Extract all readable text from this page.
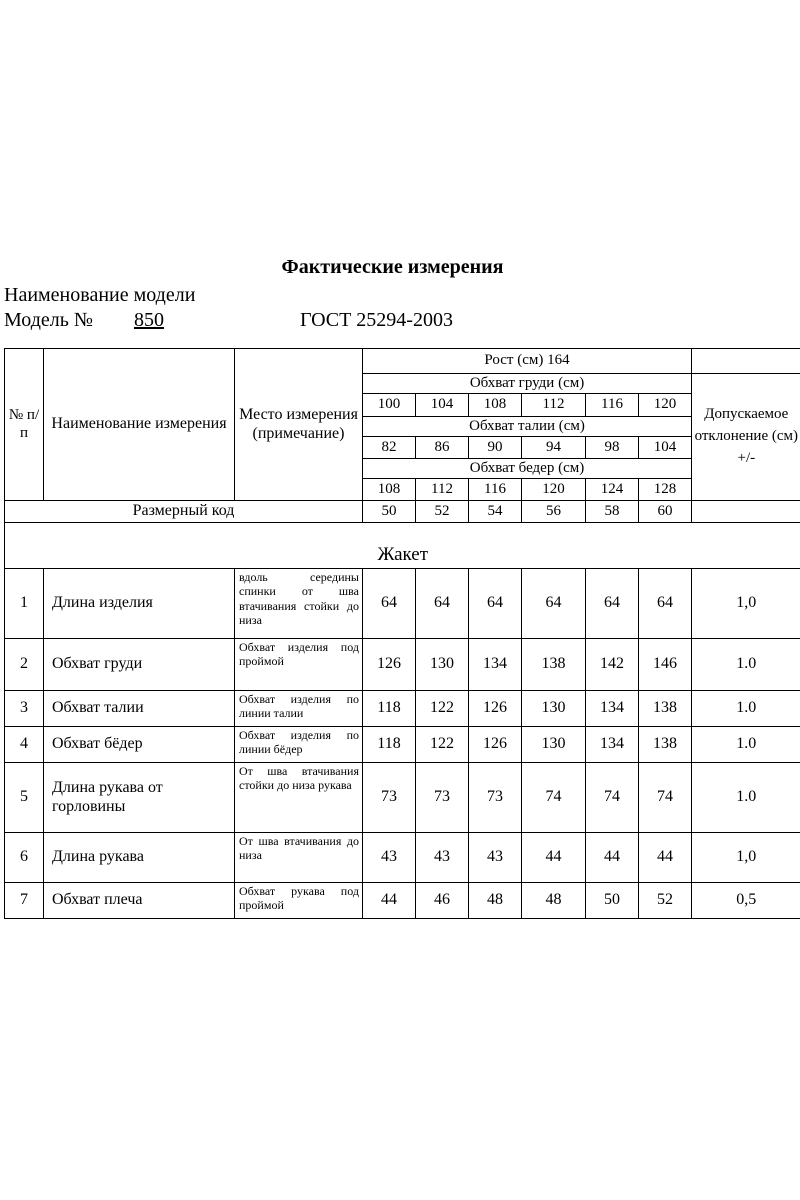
Фактические измерения
Наименование модели
Модель № 850	ГОСТ 25294-2003
№ п/ п	Наименование измерения	Место измерения (примечание)	Рост (см) 164						
			Обхват груди (см)						Допускаемое отклонение (см) +/-
			100	104	108	112	116	120	
			Обхват талии (см)						
			82	86	90	94	98	104	
			Обхват бедер (см)						
			108	112	116	120	124	128	
Размерный код			50	52	54	56	58	60	
Жакет									
1	Длина изделия	вдоль середины спинки от шва втачивания стойки до низа	64	64	64	64	64	64	1,0
2	Обхват груди	Обхват изделия под проймой	126	130	134	138	142	146	1.0
3	Обхват талии	Обхват изделия по линии талии	118	122	126	130	134	138	1.0
4	Обхват бёдер	Обхват изделия по линии бёдер	118	122	126	130	134	138	1.0
5	Длина рукава от горловины	От шва втачивания стойки до низа рукава	73	73	73	74	74	74	1.0
6	Длина рукава	От шва втачивания до низа	43	43	43	44	44	44	1,0
7	Обхват плеча	Обхват рукава под проймой	44	46	48	48	50	52	0,5
